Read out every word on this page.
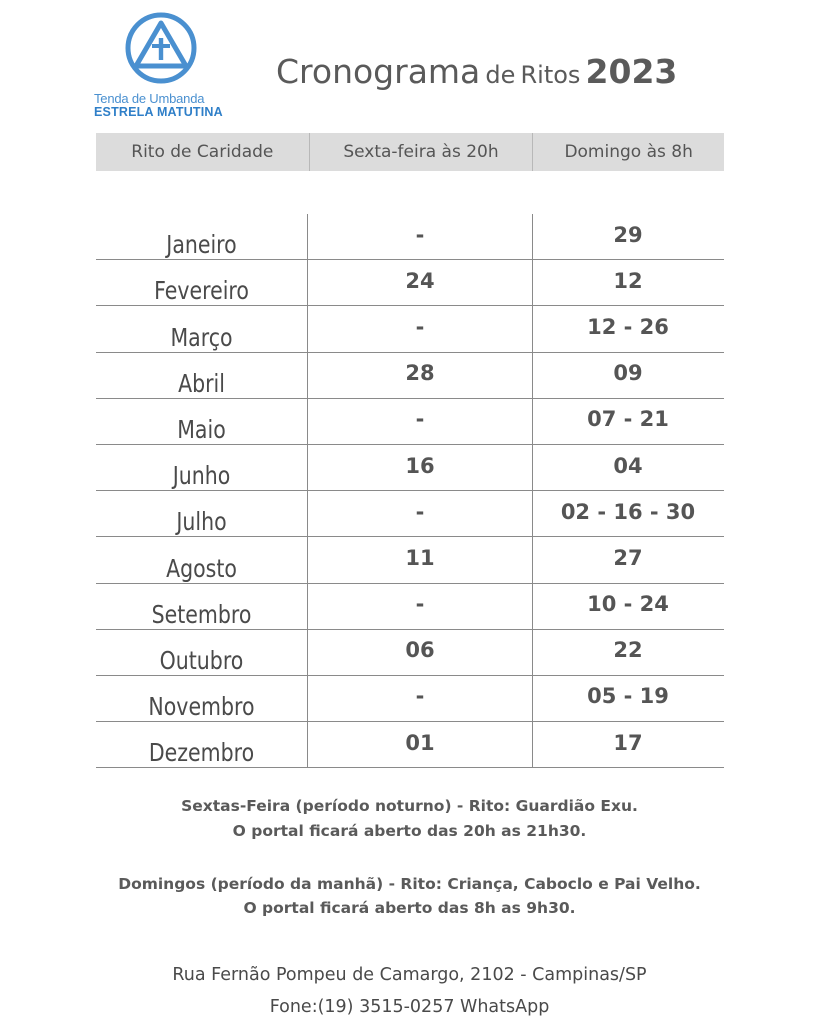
Tenda de Umbanda
ESTRELA MATUTINA
Cronograma de Ritos 2023
Rito de Caridade	Sexta-feira às 20h	Domingo às 8h
Janeiro	-	29
Fevereiro	24	12
Março	-	12 - 26
Abril	28	09
Maio	-	07 - 21
Junho	16	04
Julho	-	02 - 16 - 30
Agosto	11	27
Setembro	-	10 - 24
Outubro	06	22
Novembro	-	05 - 19
Dezembro	01	17
Sextas-Feira (período noturno) - Rito: Guardião Exu.
O portal ficará aberto das 20h as 21h30.
Domingos (período da manhã) - Rito: Criança, Caboclo e Pai Velho.
O portal ficará aberto das 8h as 9h30.
Rua Fernão Pompeu de Camargo, 2102 - Campinas/SP
Fone:(19) 3515-0257 WhatsApp
